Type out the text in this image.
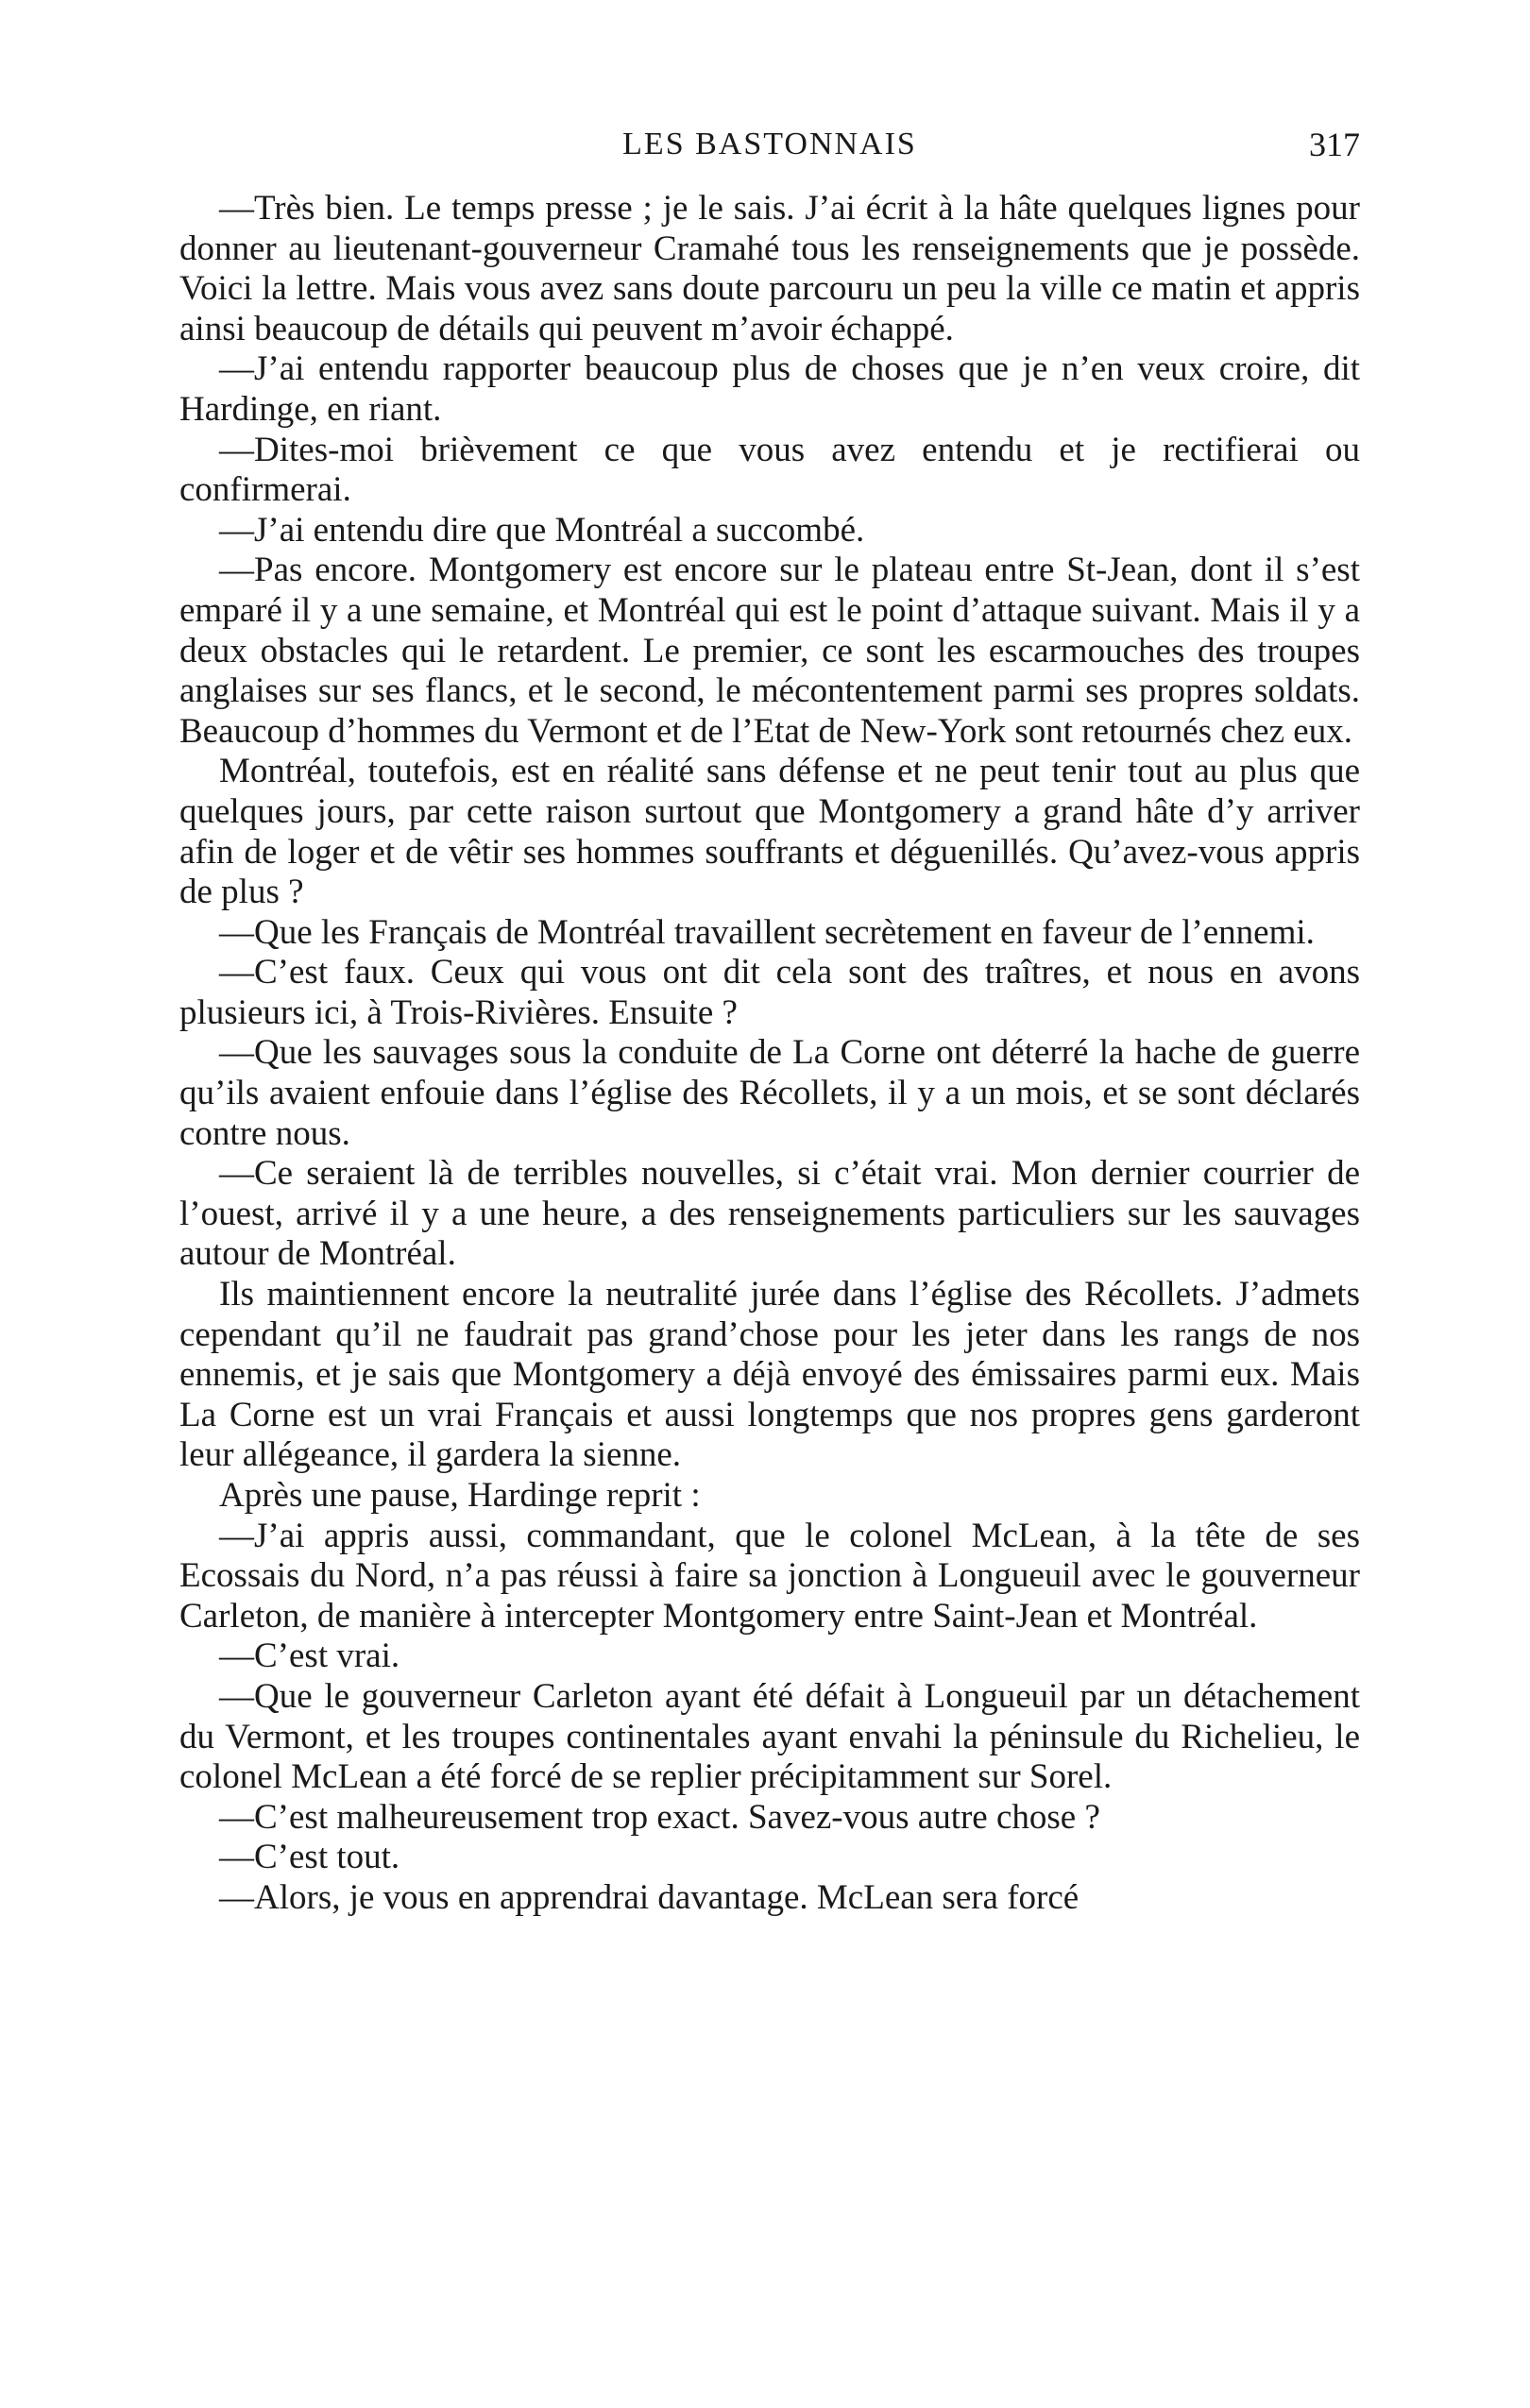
LES BASTONNAIS	317

—Très bien. Le temps presse ; je le sais. J’ai écrit à la hâte quelques lignes pour donner au lieutenant-gouverneur Cramahé tous les renseignements que je possède. Voici la lettre. Mais vous avez sans doute parcouru un peu la ville ce matin et appris ainsi beaucoup de détails qui peuvent m’avoir échappé.

—J’ai entendu rapporter beaucoup plus de choses que je n’en veux croire, dit Hardinge, en riant.

—Dites-moi brièvement ce que vous avez entendu et je rectifierai ou confirmerai.

—J’ai entendu dire que Montréal a succombé.

—Pas encore. Montgomery est encore sur le plateau entre St-Jean, dont il s’est emparé il y a une semaine, et Montréal qui est le point d’attaque suivant. Mais il y a deux obstacles qui le retardent. Le premier, ce sont les escarmouches des troupes anglaises sur ses flancs, et le second, le mécontentement parmi ses propres soldats. Beaucoup d’hommes du Vermont et de l’Etat de New-York sont retournés chez eux.

Montréal, toutefois, est en réalité sans défense et ne peut tenir tout au plus que quelques jours, par cette raison surtout que Montgomery a grand hâte d’y arriver afin de loger et de vêtir ses hommes souffrants et déguenillés. Qu’avez-vous appris de plus ?

—Que les Français de Montréal travaillent secrètement en faveur de l’ennemi.

—C’est faux. Ceux qui vous ont dit cela sont des traîtres, et nous en avons plusieurs ici, à Trois-Rivières. Ensuite ?

—Que les sauvages sous la conduite de La Corne ont déterré la hache de guerre qu’ils avaient enfouie dans l’église des Récollets, il y a un mois, et se sont déclarés contre nous.

—Ce seraient là de terribles nouvelles, si c’était vrai. Mon dernier courrier de l’ouest, arrivé il y a une heure, a des renseignements particuliers sur les sauvages autour de Montréal.

Ils maintiennent encore la neutralité jurée dans l’église des Récollets. J’admets cependant qu’il ne faudrait pas grand’chose pour les jeter dans les rangs de nos ennemis, et je sais que Montgomery a déjà envoyé des émissaires parmi eux. Mais La Corne est un vrai Français et aussi longtemps que nos propres gens garderont leur allégeance, il gardera la sienne.

Après une pause, Hardinge reprit :

—J’ai appris aussi, commandant, que le colonel McLean, à la tête de ses Ecossais du Nord, n’a pas réussi à faire sa jonction à Longueuil avec le gouverneur Carleton, de manière à intercepter Montgomery entre Saint-Jean et Montréal.

—C’est vrai.

—Que le gouverneur Carleton ayant été défait à Longueuil par un détachement du Vermont, et les troupes continentales ayant envahi la péninsule du Richelieu, le colonel McLean a été forcé de se replier précipitamment sur Sorel.

—C’est malheureusement trop exact. Savez-vous autre chose ?

—C’est tout.

—Alors, je vous en apprendrai davantage. McLean sera forcé
